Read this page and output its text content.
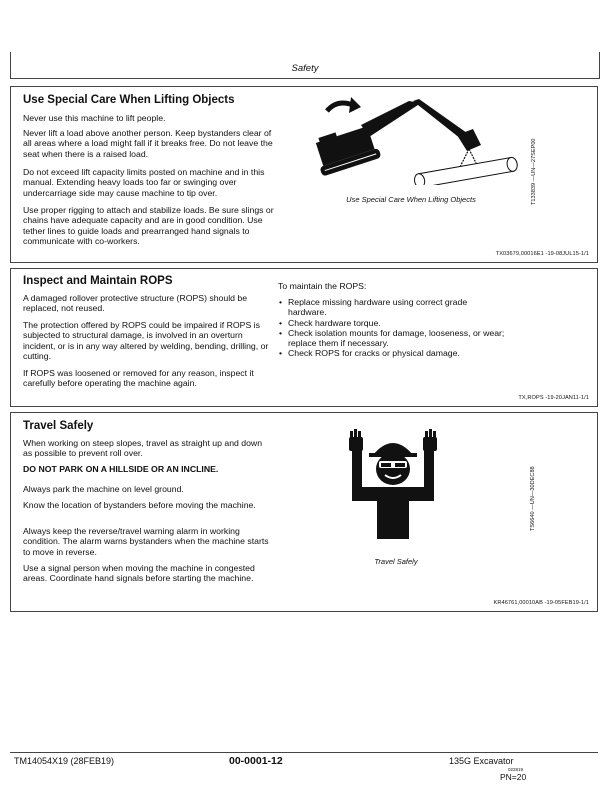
Safety
Use Special Care When Lifting Objects

Never use this machine to lift people.

Never lift a load above another person. Keep bystanders clear of all areas where a load might fall if it breaks free. Do not leave the seat when there is a raised load.

Do not exceed lift capacity limits posted on machine and in this manual. Extending heavy loads too far or swinging over undercarriage side may cause machine to tip over.

Use proper rigging to attach and stabilize loads. Be sure slings or chains have adequate capacity and are in good condition. Use tether lines to guide loads and prearranged hand signals to communicate with co-workers.

Use Special Care When Lifting Objects	T133839 —UN—27SEP00
TX03679,00016E1 -19-08JUL15-1/1
Inspect and Maintain ROPS

A damaged rollover protective structure (ROPS) should be replaced, not reused.

The protection offered by ROPS could be impaired if ROPS is subjected to structural damage, is involved in an overturn incident, or is in any way altered by welding, bending, drilling, or cutting.

If ROPS was loosened or removed for any reason, inspect it carefully before operating the machine again.

To maintain the ROPS:

• Replace missing hardware using correct grade hardware.
• Check hardware torque.
• Check isolation mounts for damage, looseness, or wear; replace them if necessary.
• Check ROPS for cracks or physical damage.
TX,ROPS -19-20JAN11-1/1
Travel Safely

When working on steep slopes, travel as straight up and down as possible to prevent roll over.

DO NOT PARK ON A HILLSIDE OR AN INCLINE.

Always park the machine on level ground.

Know the location of bystanders before moving the machine.

Always keep the reverse/travel warning alarm in working condition. The alarm warns bystanders when the machine starts to move in reverse.

Use a signal person when moving the machine in congested areas. Coordinate hand signals before starting the machine.

Travel Safely
TS6640 —UN—30DEC88
KR46761,00010AB -19-05FEB19-1/1
TM14054X19 (28FEB19)	00-0001-12	135G Excavator
022819
PN=20
